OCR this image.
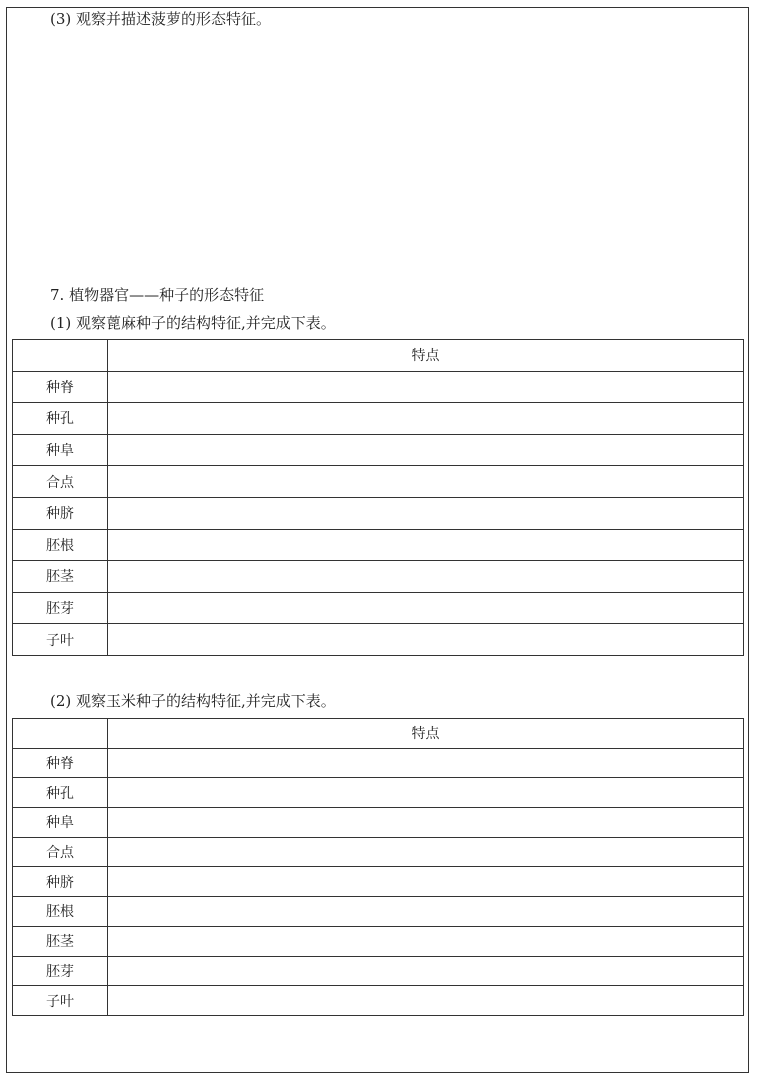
(3) 观察并描述菠萝的形态特征。
7. 植物器官——种子的形态特征
(1) 观察蓖麻种子的结构特征,并完成下表。
	特点
种脊	
种孔	
种阜	
合点	
种脐	
胚根	
胚茎	
胚芽	
子叶	
(2) 观察玉米种子的结构特征,并完成下表。
	特点
种脊	
种孔	
种阜	
合点	
种脐	
胚根	
胚茎	
胚芽	
子叶	
